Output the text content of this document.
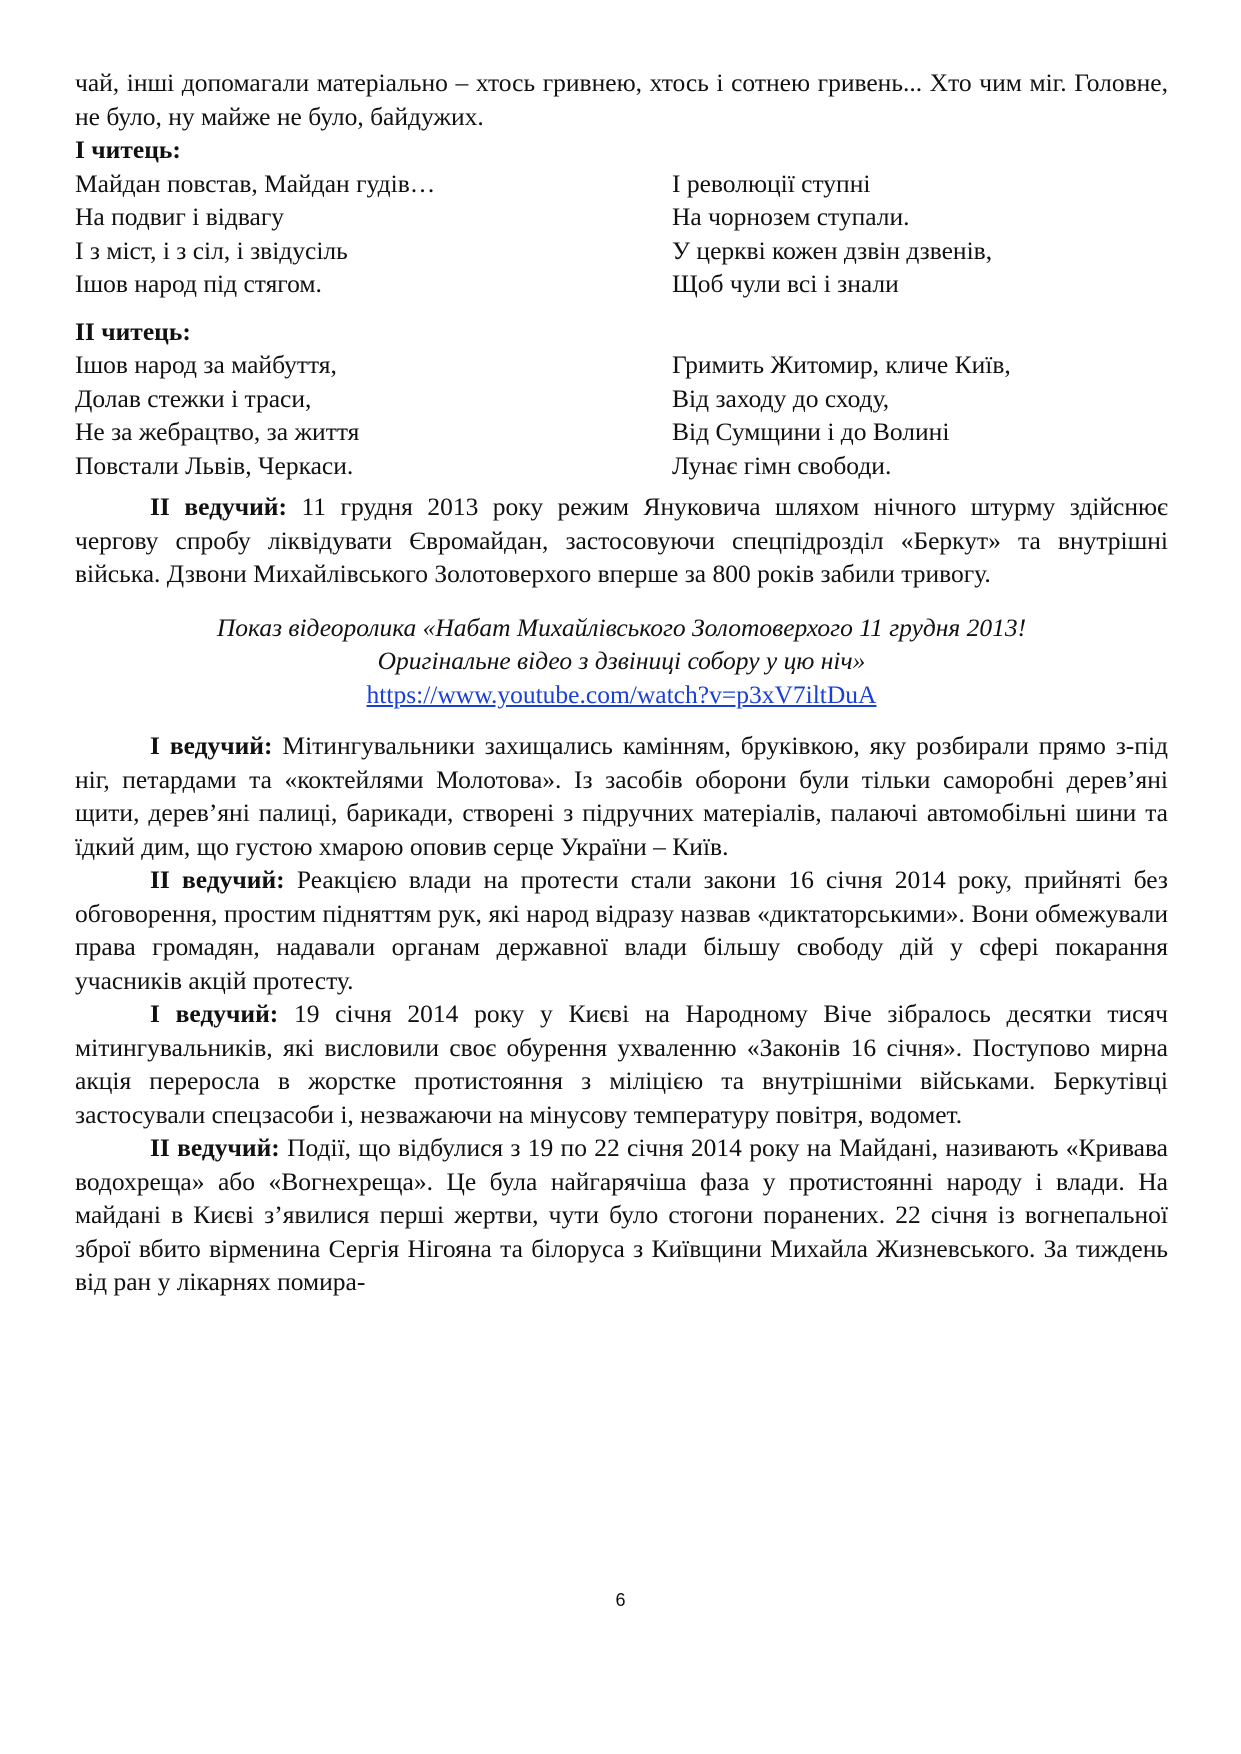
чай, інші допомагали матеріально – хтось гривнею, хтось і сотнею гривень... Хто чим міг. Головне, не було, ну майже не було, байдужих.

І читець:
Майдан повстав, Майдан гудів…
На подвиг і відвагу
І з міст, і з сіл, і звідусіль
Ішов народ під стягом.
І революції ступні
На чорнозем ступали.
У церкві кожен дзвін дзвенів,
Щоб чули всі і знали
ІІ читець:
Ішов народ за майбуття,
Долав стежки і траси,
Не за жебрацтво, за життя
Повстали Львів, Черкаси.
Гримить Житомир, кличе Київ,
Від заходу до сходу,
Від Сумщини і до Волині
Лунає гімн свободи.

ІІ ведучий: 11 грудня 2013 року режим Януковича шляхом нічного штурму здійснює чергову спробу ліквідувати Євромайдан, застосовуючи спецпідрозділ «Беркут» та внутрішні війська. Дзвони Михайлівського Золотоверхого вперше за 800 років забили тривогу.

Показ відеоролика «Набат Михайлівського Золотоверхого 11 грудня 2013!
Оригінальне відео з дзвіниці собору у цю ніч»
https://www.youtube.com/watch?v=p3xV7iltDuA

І ведучий: Мітингувальники захищались камінням, бруківкою, яку розбирали прямо з-під ніг, петардами та «коктейлями Молотова». Із засобів оборони були тільки саморобні дерев’яні щити, дерев’яні палиці, барикади, створені з підручних матеріалів, палаючі автомобільні шини та їдкий дим, що густою хмарою оповив серце України – Київ.

ІІ ведучий: Реакцією влади на протести стали закони 16 січня 2014 року, прийняті без обговорення, простим підняттям рук, які народ відразу назвав «диктаторськими». Вони обмежували права громадян, надавали органам державної влади більшу свободу дій у сфері покарання учасників акцій протесту.

І ведучий: 19 січня 2014 року у Києві на Народному Віче зібралось десятки тисяч мітингувальників, які висловили своє обурення ухваленню «Законів 16 січня». Поступово мирна акція переросла в жорстке протистояння з міліцією та внутрішніми військами. Беркутівці застосували спецзасоби і, незважаючи на мінусову температуру повітря, водомет.

ІІ ведучий: Події, що відбулися з 19 по 22 січня 2014 року на Майдані, називають «Кривава водохреща» або «Вогнехреща». Це була найгарячіша фаза у протистоянні народу і влади. На майдані в Києві з’явилися перші жертви, чути було стогони поранених. 22 січня із вогнепальної зброї вбито вірменина Сергія Нігояна та білоруса з Київщини Михайла Жизневського. За тиждень від ран у лікарнях помира-

6
